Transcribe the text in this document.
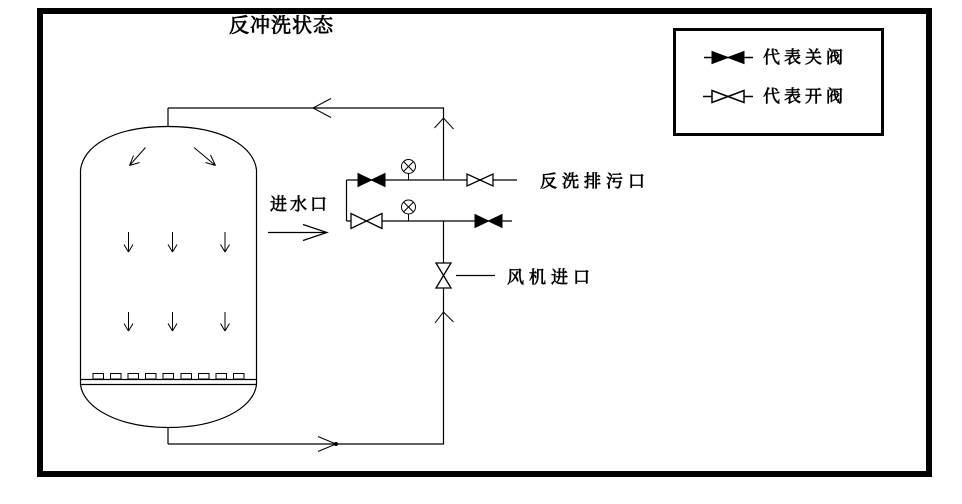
反冲洗状态
代表关阀
代表开阀
进水口
反洗排污口
风机进口
